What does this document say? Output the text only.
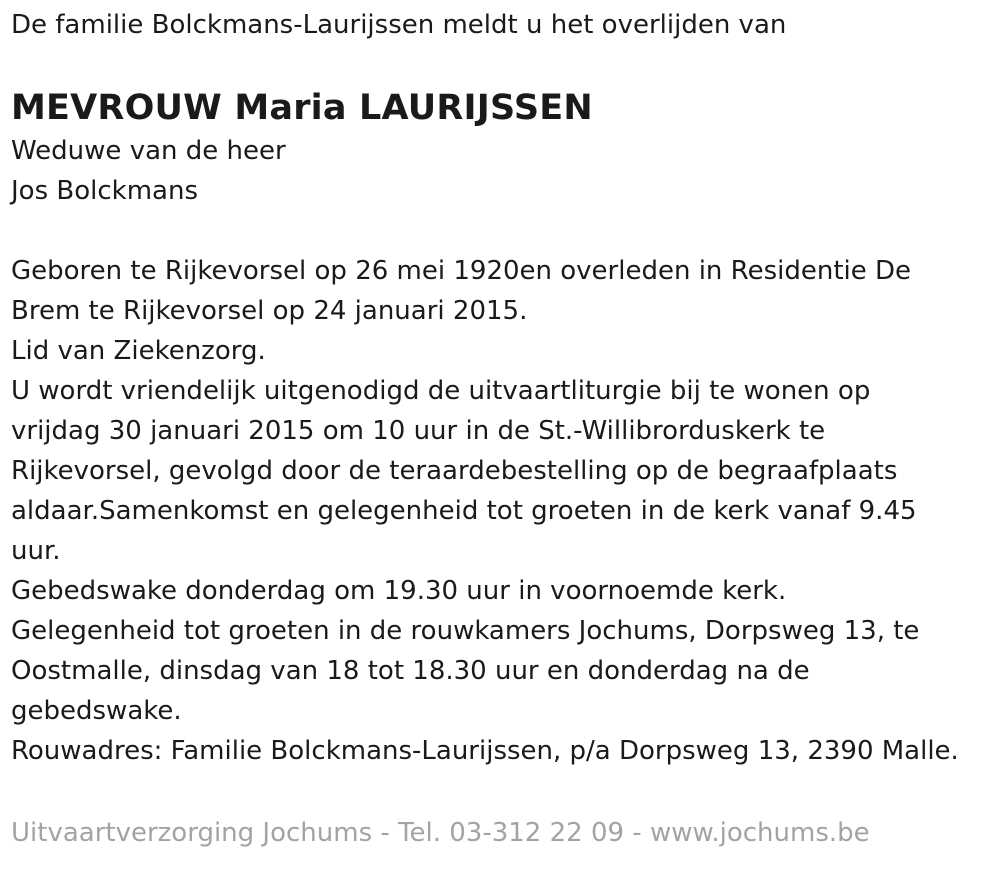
De familie Bolckmans-Laurijssen meldt u het overlijden van

MEVROUW Maria LAURIJSSEN

Weduwe van de heer

Jos Bolckmans

Geboren te Rijkevorsel op 26 mei 1920en overleden in Residentie De

Brem te Rijkevorsel op 24 januari 2015.

Lid van Ziekenzorg.

U wordt vriendelijk uitgenodigd de uitvaartliturgie bij te wonen op

vrijdag 30 januari 2015 om 10 uur in de St.-Willibrorduskerk te

Rijkevorsel, gevolgd door de teraardebestelling op de begraafplaats

aldaar.Samenkomst en gelegenheid tot groeten in de kerk vanaf 9.45

uur.

Gebedswake donderdag om 19.30 uur in voornoemde kerk.

Gelegenheid tot groeten in de rouwkamers Jochums, Dorpsweg 13, te

Oostmalle, dinsdag van 18 tot 18.30 uur en donderdag na de

gebedswake.

Rouwadres: Familie Bolckmans-Laurijssen, p/a Dorpsweg 13, 2390 Malle.

Uitvaartverzorging Jochums - Tel. 03-312 22 09 - www.jochums.be
